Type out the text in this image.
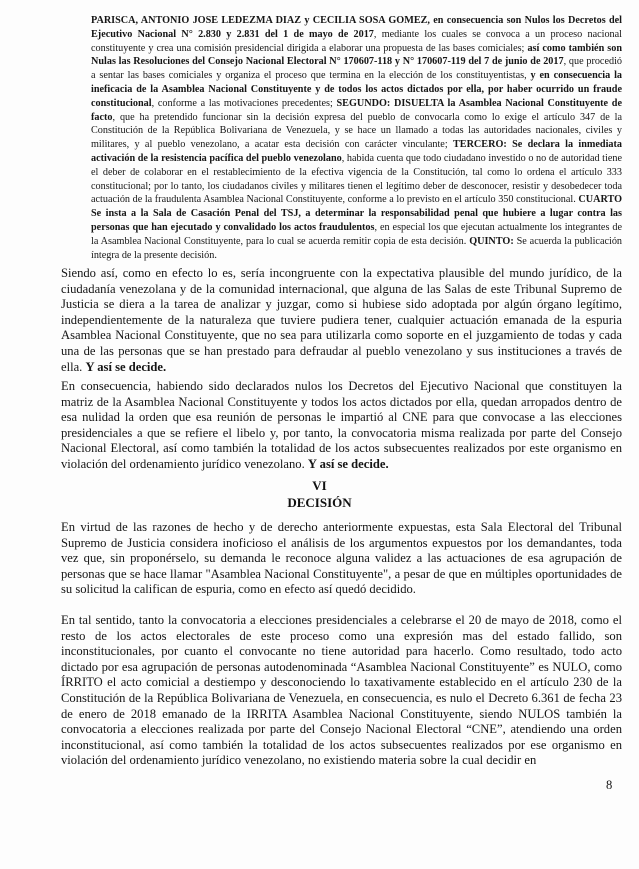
PARISCA, ANTONIO JOSE LEDEZMA DIAZ y CECILIA SOSA GOMEZ, en consecuencia son Nulos los Decretos del Ejecutivo Nacional N° 2.830 y 2.831 del 1 de mayo de 2017, mediante los cuales se convoca a un proceso nacional constituyente y crea una comisión presidencial dirigida a elaborar una propuesta de las bases comiciales; así como también son Nulas las Resoluciones del Consejo Nacional Electoral N° 170607-118 y N° 170607-119 del 7 de junio de 2017, que procedió a sentar las bases comiciales y organiza el proceso que termina en la elección de los constituyentistas, y en consecuencia la ineficacia de la Asamblea Nacional Constituyente y de todos los actos dictados por ella, por haber ocurrido un fraude constitucional, conforme a las motivaciones precedentes; SEGUNDO: DISUELTA la Asamblea Nacional Constituyente de facto, que ha pretendido funcionar sin la decisión expresa del pueblo de convocarla como lo exige el artículo 347 de la Constitución de la República Bolivariana de Venezuela, y se hace un llamado a todas las autoridades nacionales, civiles y militares, y al pueblo venezolano, a acatar esta decisión con carácter vinculante; TERCERO: Se declara la inmediata activación de la resistencia pacífica del pueblo venezolano, habida cuenta que todo ciudadano investido o no de autoridad tiene el deber de colaborar en el restablecimiento de la efectiva vigencia de la Constitución, tal como lo ordena el artículo 333 constitucional; por lo tanto, los ciudadanos civiles y militares tienen el legítimo deber de desconocer, resistir y desobedecer toda actuación de la fraudulenta Asamblea Nacional Constituyente, conforme a lo previsto en el artículo 350 constitucional. CUARTO Se insta a la Sala de Casación Penal del TSJ, a determinar la responsabilidad penal que hubiere a lugar contra las personas que han ejecutado y convalidado los actos fraudulentos, en especial los que ejecutan actualmente los integrantes de la Asamblea Nacional Constituyente, para lo cual se acuerda remitir copia de esta decisión. QUINTO: Se acuerda la publicación íntegra de la presente decisión.

Siendo así, como en efecto lo es, sería incongruente con la expectativa plausible del mundo jurídico, de la ciudadanía venezolana y de la comunidad internacional, que alguna de las Salas de este Tribunal Supremo de Justicia se diera a la tarea de analizar y juzgar, como si hubiese sido adoptada por algún órgano legítimo, independientemente de la naturaleza que tuviere pudiera tener, cualquier actuación emanada de la espuria Asamblea Nacional Constituyente, que no sea para utilizarla como soporte en el juzgamiento de todas y cada una de las personas que se han prestado para defraudar al pueblo venezolano y sus instituciones a través de ella. Y así se decide.

En consecuencia, habiendo sido declarados nulos los Decretos del Ejecutivo Nacional que constituyen la matriz de la Asamblea Nacional Constituyente y todos los actos dictados por ella, quedan arropados dentro de esa nulidad la orden que esa reunión de personas le impartió al CNE para que convocase a las elecciones presidenciales a que se refiere el libelo y, por tanto, la convocatoria misma realizada por parte del Consejo Nacional Electoral, así como también la totalidad de los actos subsecuentes realizados por este organismo en violación del ordenamiento jurídico venezolano. Y así se decide.

VI
DECISIÓN

En virtud de las razones de hecho y de derecho anteriormente expuestas, esta Sala Electoral del Tribunal Supremo de Justicia considera inoficioso el análisis de los argumentos expuestos por los demandantes, toda vez que, sin proponérselo, su demanda le reconoce alguna validez a las actuaciones de esa agrupación de personas que se hace llamar "Asamblea Nacional Constituyente", a pesar de que en múltiples oportunidades de su solicitud la califican de espuria, como en efecto así quedó decidido.

En tal sentido, tanto la convocatoria a elecciones presidenciales a celebrarse el 20 de mayo de 2018, como el resto de los actos electorales de este proceso como una expresión mas del estado fallido, son inconstitucionales, por cuanto el convocante no tiene autoridad para hacerlo. Como resultado, todo acto dictado por esa agrupación de personas autodenominada “Asamblea Nacional Constituyente” es NULO, como ÍRRITO el acto comicial a destiempo y desconociendo lo taxativamente establecido en el artículo 230 de la Constitución de la República Bolivariana de Venezuela, en consecuencia, es nulo el Decreto 6.361 de fecha 23 de enero de 2018 emanado de la IRRITA Asamblea Nacional Constituyente, siendo NULOS también la convocatoria a elecciones realizada por parte del Consejo Nacional Electoral “CNE”, atendiendo una orden inconstitucional, así como también la totalidad de los actos subsecuentes realizados por ese organismo en violación del ordenamiento jurídico venezolano, no existiendo materia sobre la cual decidir en

8
